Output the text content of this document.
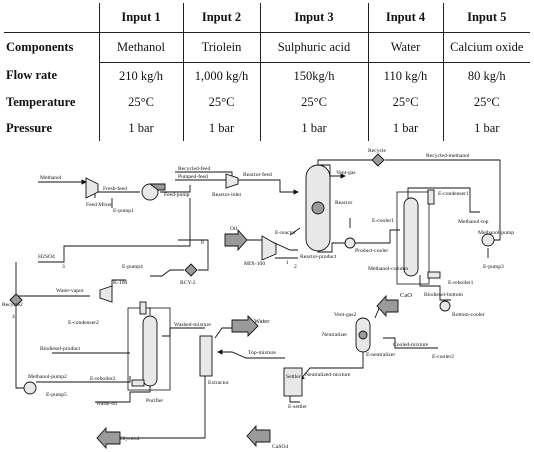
	Input 1	Input 2	Input 3	Input 4	Input 5
Components	Methanol	Triolein	Sulphuric acid	Water	Calcium oxide
Flow rate	210 kg/h	1,000 kg/h	150kg/h	110 kg/h	80 kg/h
Temperature	25°C	25°C	25°C	25°C	25°C
Pressure	1 bar	1 bar	1 bar	1 bar	1 bar
Methanol
H2SO4
Feed Mixer
Fresh-feed
Feed-pump
E-pump1
Pumped-feed
Reactor-inlet
Reactor-feed
Recycled-feed
Recycle
Recycled-methanol
Vent-gas
Reactor
E-reactor
Oil
MIX-100
Reactor-product
Product-cooler
E-cooler1
Methanol-column
E-condenser1
Methanol-pump
Methanol-top
E-pump3
E-reboiler1
Biodiesel-bottom
RCY-2
E-pump4
K-100
Water-vapor
Recycle2
E-condenser2
Biodiesel-product
Methanol-pump2
E-pump5
E-reboiler2
Waste-oil	Purifier
Washed-mixture	Water
Extractor
Top-mixture
Settler
E-settler
Neutralized-mixture
Vent-gas2
CaO
Neutralizer
E-neutralizer
Cooled-mixture
Bottom-cooler
E-cooler2
Glycerol
CaSO4
1
2
3
4
8
